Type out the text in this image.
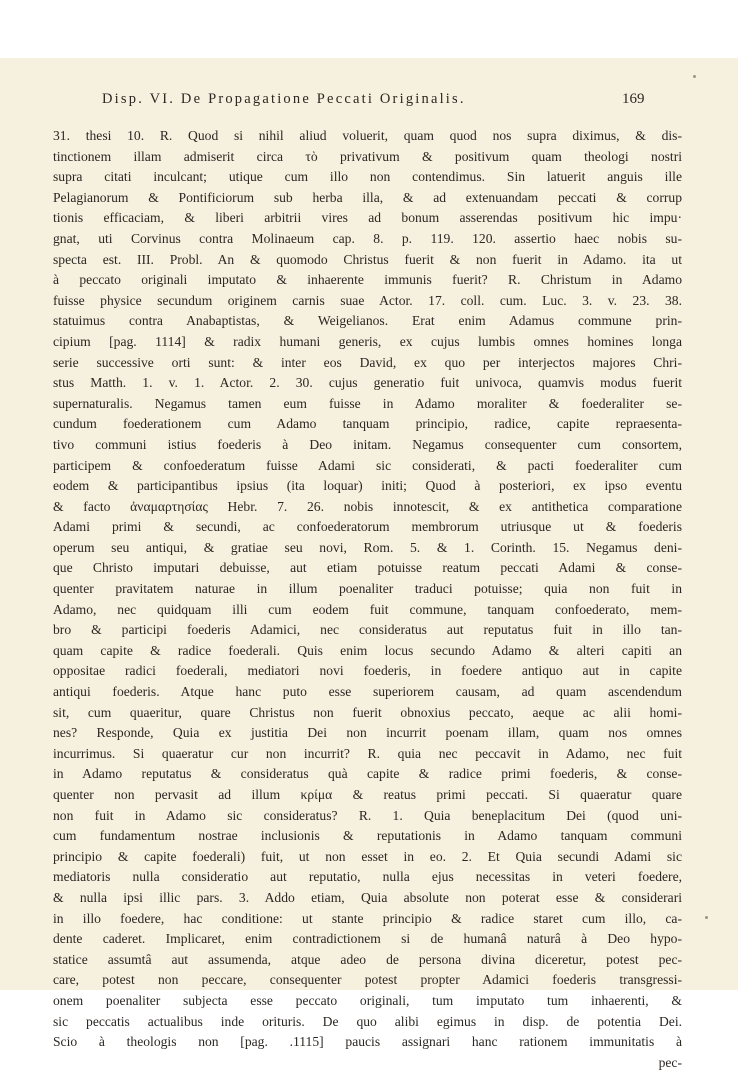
Disp. VI. De Propagatione Peccati Originalis.	169
31. thesi 10. R. Quod si nihil aliud voluerit, quam quod nos supra diximus, & dis-
tinctionem illam admiserit circa τὸ privativum & positivum quam theologi nostri
supra citati inculcant; utique cum illo non contendimus. Sin latuerit anguis ille
Pelagianorum & Pontificiorum sub herba illa, & ad extenuandam peccati & corrup
tionis efficaciam, & liberi arbitrii vires ad bonum asserendas positivum hic impu·
gnat, uti Corvinus contra Molinaeum cap. 8. p. 119. 120. assertio haec nobis su-
specta est. III. Probl. An & quomodo Christus fuerit & non fuerit in Adamo. ita ut
à peccato originali imputato & inhaerente immunis fuerit? R. Christum in Adamo
fuisse physice secundum originem carnis suae Actor. 17. coll. cum. Luc. 3. v. 23. 38.
statuimus contra Anabaptistas, & Weigelianos. Erat enim Adamus commune prin-
cipium [pag. 1114] & radix humani generis, ex cujus lumbis omnes homines longa
serie successive orti sunt: & inter eos David, ex quo per interjectos majores Chri-
stus Matth. 1. v. 1. Actor. 2. 30. cujus generatio fuit univoca, quamvis modus fuerit
supernaturalis. Negamus tamen eum fuisse in Adamo moraliter & foederaliter se-
cundum foederationem cum Adamo tanquam principio, radice, capite repraesenta-
tivo communi istius foederis à Deo initam. Negamus consequenter cum consortem,
participem & confoederatum fuisse Adami sic considerati, & pacti foederaliter cum
eodem & participantibus ipsius (ita loquar) initi; Quod à posteriori, ex ipso eventu
& facto ἀναμαρτησίας Hebr. 7. 26. nobis innotescit, & ex antithetica comparatione
Adami primi & secundi, ac confoederatorum membrorum utriusque ut & foederis
operum seu antiqui, & gratiae seu novi, Rom. 5. & 1. Corinth. 15. Negamus deni-
que Christo imputari debuisse, aut etiam potuisse reatum peccati Adami & conse-
quenter pravitatem naturae in illum poenaliter traduci potuisse; quia non fuit in
Adamo, nec quidquam illi cum eodem fuit commune, tanquam confoederato, mem-
bro & participi foederis Adamici, nec consideratus aut reputatus fuit in illo tan-
quam capite & radice foederali. Quis enim locus secundo Adamo & alteri capiti an
oppositae radici foederali, mediatori novi foederis, in foedere antiquo aut in capite
antiqui foederis. Atque hanc puto esse superiorem causam, ad quam ascendendum
sit, cum quaeritur, quare Christus non fuerit obnoxius peccato, aeque ac alii homi-
nes? Responde, Quia ex justitia Dei non incurrit poenam illam, quam nos omnes
incurrimus. Si quaeratur cur non incurrit? R. quia nec peccavit in Adamo, nec fuit
in Adamo reputatus & consideratus quà capite & radice primi foederis, & conse-
quenter non pervasit ad illum κρίμα & reatus primi peccati. Si quaeratur quare
non fuit in Adamo sic consideratus? R. 1. Quia beneplacitum Dei (quod uni-
cum fundamentum nostrae inclusionis & reputationis in Adamo tanquam communi
principio & capite foederali) fuit, ut non esset in eo. 2. Et Quia secundi Adami sic
mediatoris nulla consideratio aut reputatio, nulla ejus necessitas in veteri foedere,
& nulla ipsi illic pars. 3. Addo etiam, Quia absolute non poterat esse & considerari
in illo foedere, hac conditione: ut stante principio & radice staret cum illo, ca-
dente caderet. Implicaret, enim contradictionem si de humanâ naturâ à Deo hypo-
statice assumtâ aut assumenda, atque adeo de persona divina diceretur, potest pec-
care, potest non peccare, consequenter potest propter Adamici foederis transgressi-
onem poenaliter subjecta esse peccato originali, tum imputato tum inhaerenti, &
sic peccatis actualibus inde orituris. De quo alibi egimus in disp. de potentia Dei.
Scio à theologis non [pag. .1115] paucis assignari hanc rationem immunitatis à
pec-
